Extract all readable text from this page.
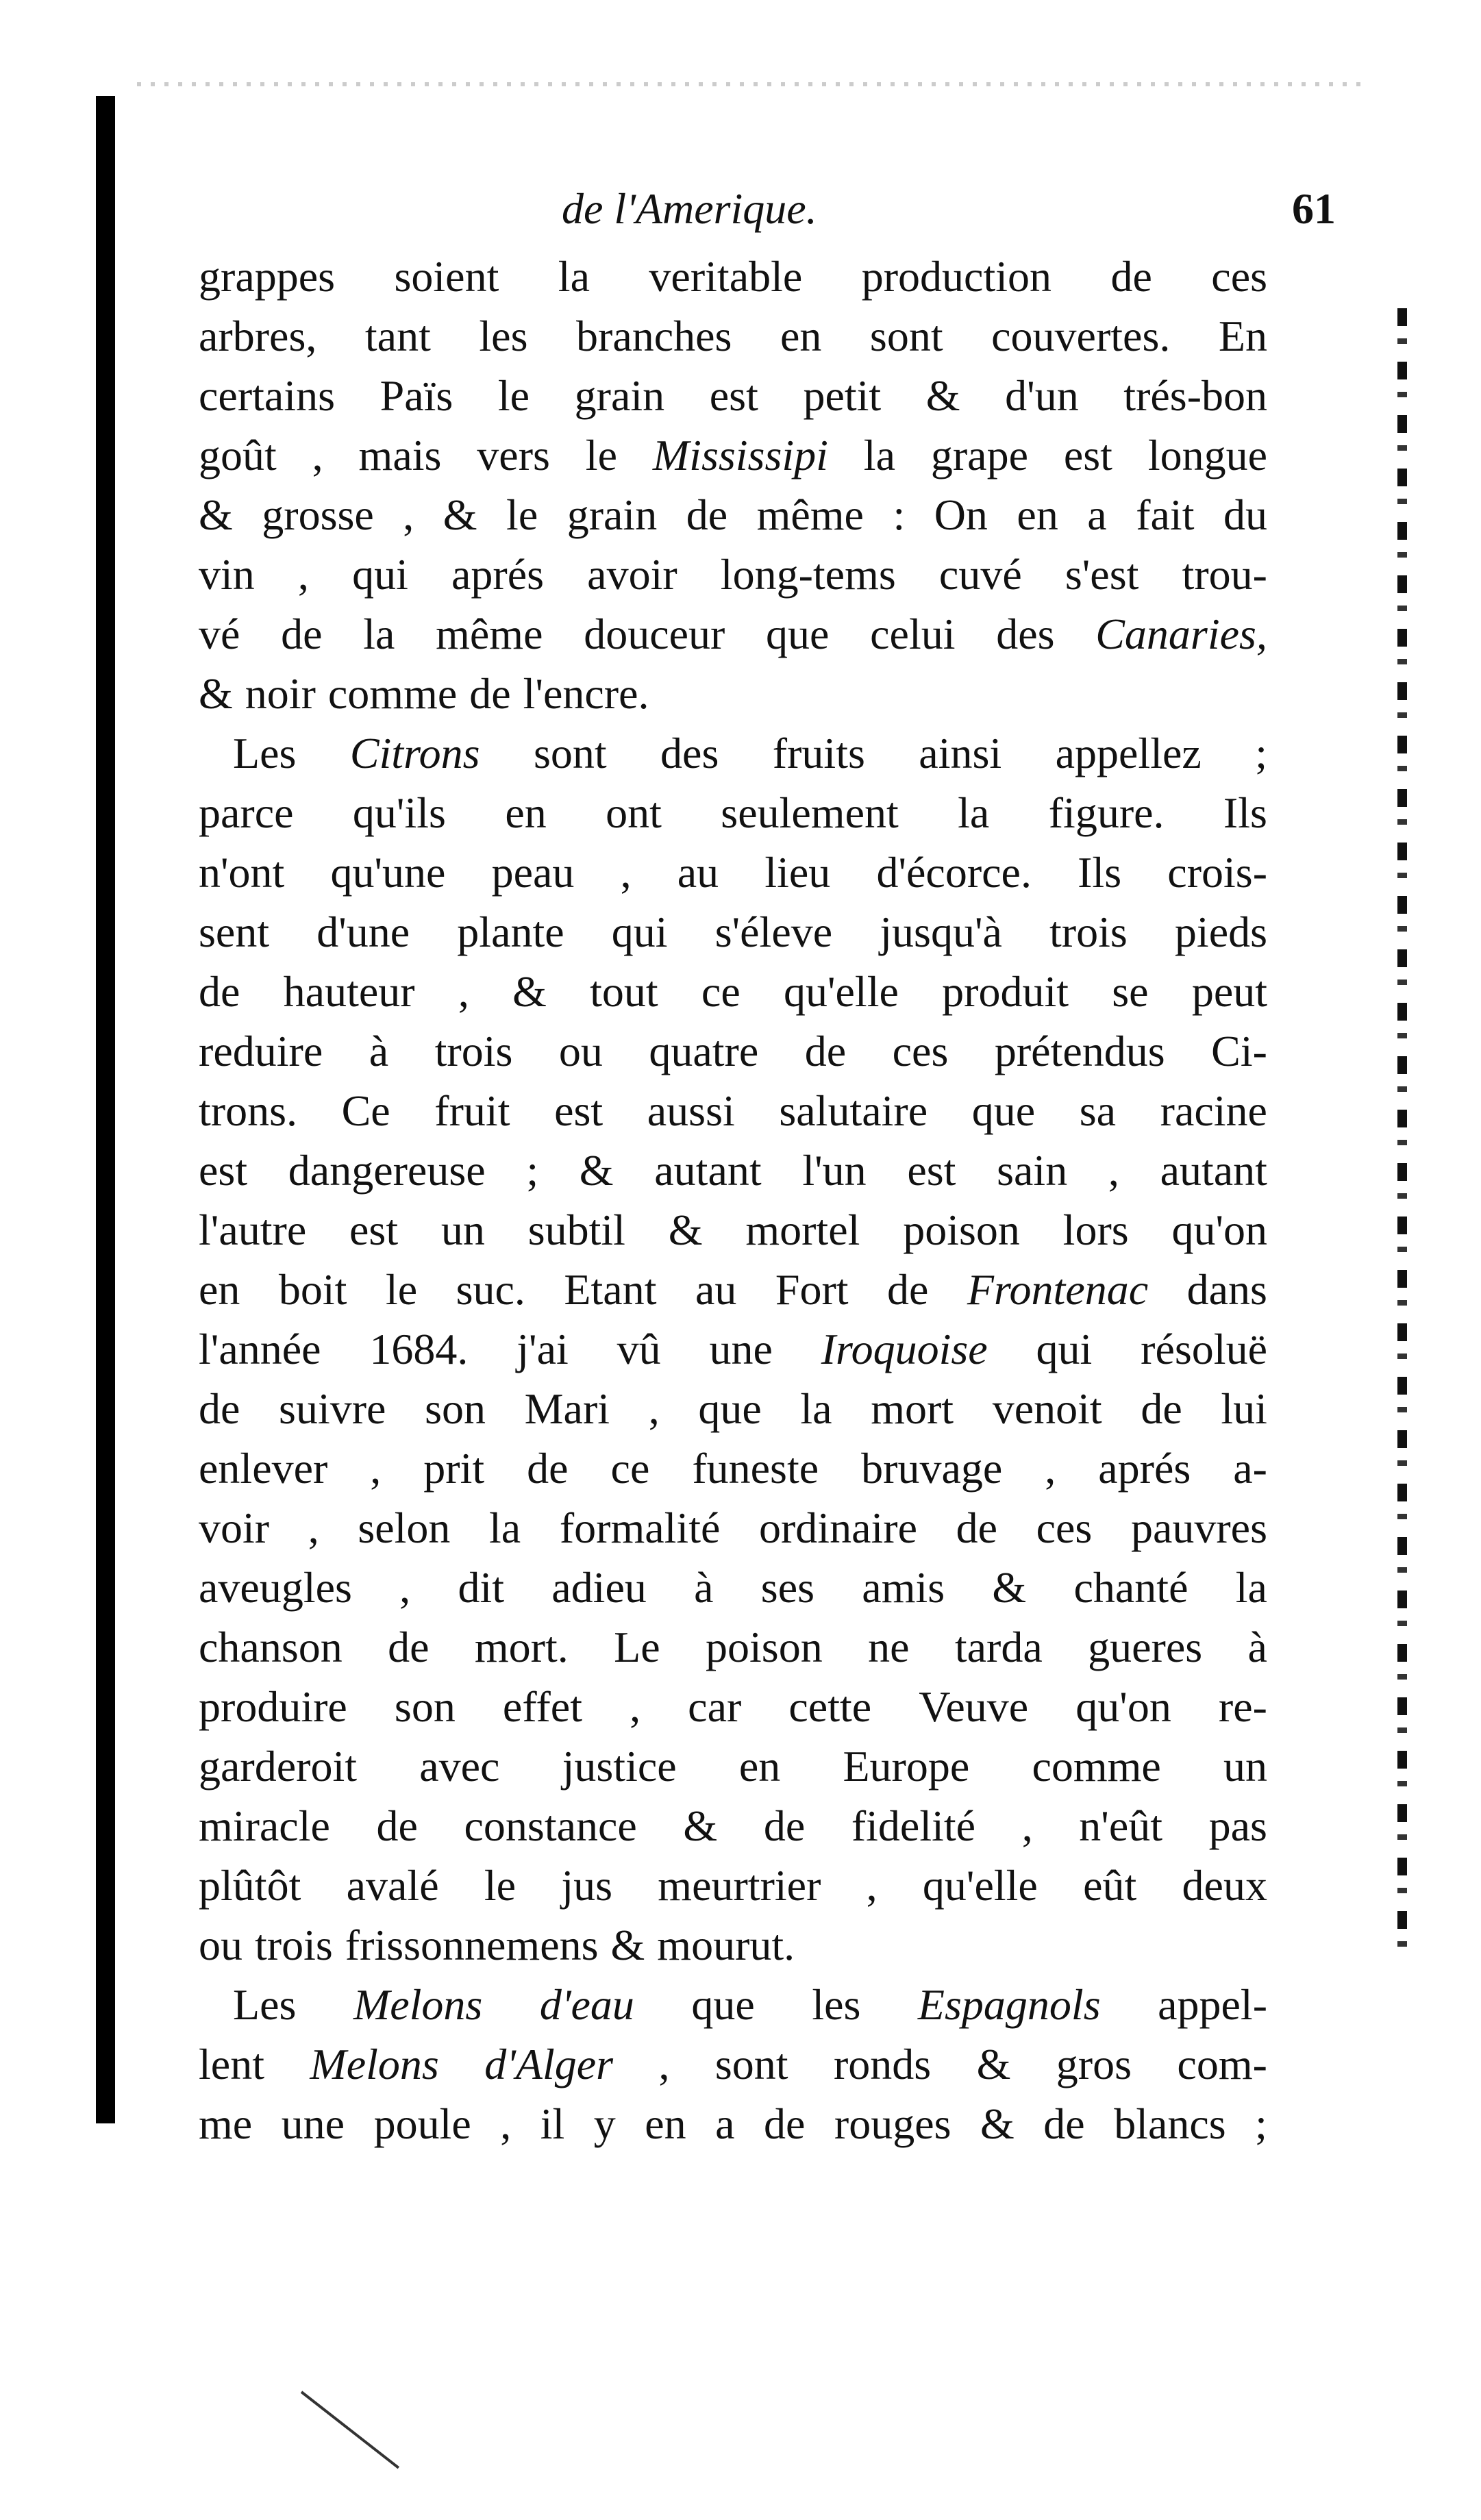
de l'Amerique.	61
grappes soient la veritable production de ces
arbres, tant les branches en sont couvertes. En
certains Païs le grain est petit & d'un trés-bon
goût , mais vers le Mississipi la grape est longue
& grosse , & le grain de même : On en a fait du
vin , qui aprés avoir long-tems cuvé s'est trou-
vé de la même douceur que celui des Canaries,
& noir comme de l'encre.
Les Citrons sont des fruits ainsi appellez ;
parce qu'ils en ont seulement la figure. Ils
n'ont qu'une peau , au lieu d'écorce. Ils crois-
sent d'une plante qui s'éleve jusqu'à trois pieds
de hauteur , & tout ce qu'elle produit se peut
reduire à trois ou quatre de ces prétendus Ci-
trons. Ce fruit est aussi salutaire que sa racine
est dangereuse ; & autant l'un est sain , autant
l'autre est un subtil & mortel poison lors qu'on
en boit le suc. Etant au Fort de Frontenac dans
l'année 1684. j'ai vû une Iroquoise qui résoluë
de suivre son Mari , que la mort venoit de lui
enlever , prit de ce funeste bruvage , aprés a-
voir , selon la formalité ordinaire de ces pauvres
aveugles , dit adieu à ses amis & chanté la
chanson de mort. Le poison ne tarda gueres à
produire son effet , car cette Veuve qu'on re-
garderoit avec justice en Europe comme un
miracle de constance & de fidelité , n'eût pas
plûtôt avalé le jus meurtrier , qu'elle eût deux
ou trois frissonnemens & mourut.
Les Melons d'eau que les Espagnols appel-
lent Melons d'Alger , sont ronds & gros com-
me une poule , il y en a de rouges & de blancs ;
